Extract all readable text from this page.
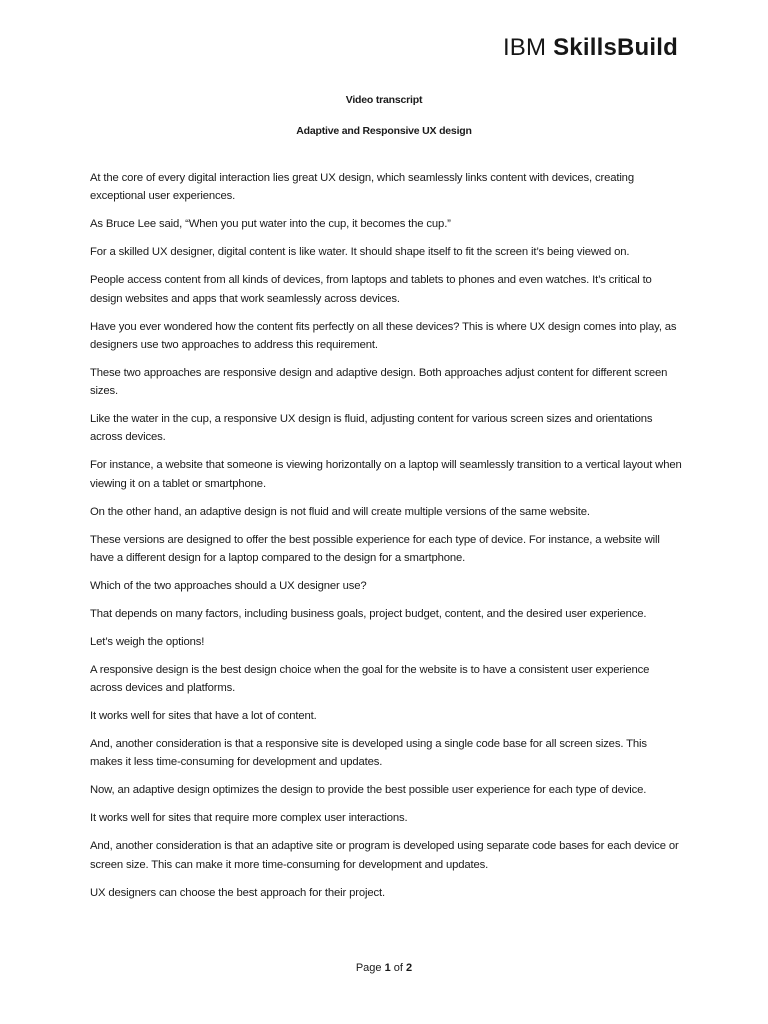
IBM SkillsBuild
Video transcript
Adaptive and Responsive UX design

At the core of every digital interaction lies great UX design, which seamlessly links content with devices, creating exceptional user experiences.

As Bruce Lee said, “When you put water into the cup, it becomes the cup.”

For a skilled UX designer, digital content is like water. It should shape itself to fit the screen it’s being viewed on.

People access content from all kinds of devices, from laptops and tablets to phones and even watches. It’s critical to design websites and apps that work seamlessly across devices.

Have you ever wondered how the content fits perfectly on all these devices? This is where UX design comes into play, as designers use two approaches to address this requirement.

These two approaches are responsive design and adaptive design. Both approaches adjust content for different screen sizes.

Like the water in the cup, a responsive UX design is fluid, adjusting content for various screen sizes and orientations across devices.

For instance, a website that someone is viewing horizontally on a laptop will seamlessly transition to a vertical layout when viewing it on a tablet or smartphone.

On the other hand, an adaptive design is not fluid and will create multiple versions of the same website.

These versions are designed to offer the best possible experience for each type of device. For instance, a website will have a different design for a laptop compared to the design for a smartphone.

Which of the two approaches should a UX designer use?

That depends on many factors, including business goals, project budget, content, and the desired user experience.

Let’s weigh the options!

A responsive design is the best design choice when the goal for the website is to have a consistent user experience across devices and platforms.

It works well for sites that have a lot of content.

And, another consideration is that a responsive site is developed using a single code base for all screen sizes. This makes it less time-consuming for development and updates.

Now, an adaptive design optimizes the design to provide the best possible user experience for each type of device.

It works well for sites that require more complex user interactions.

And, another consideration is that an adaptive site or program is developed using separate code bases for each device or screen size. This can make it more time-consuming for development and updates.

UX designers can choose the best approach for their project.

Page 1 of 2
